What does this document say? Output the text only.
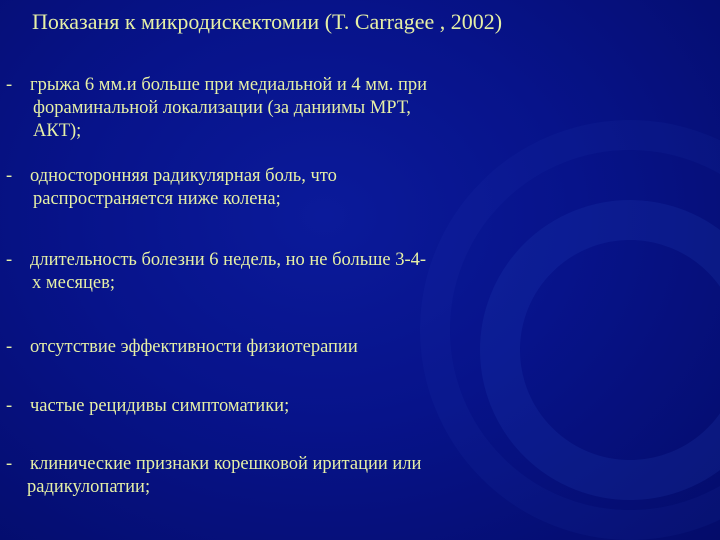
Показаня к микродискектомии (T. Carragee , 2002)
- грыжа 6 мм.и больше при медиальной и 4 мм. при
фораминальной локализации (за даниимы МРТ,
АКТ);
- односторонняя радикулярная боль, что
распространяется ниже колена;
- длительность болезни 6 недель, но не больше 3-4-
х месяцев;
- отсутствие эффективности физиотерапии
- частые рецидивы симптоматики;
- клинические признаки корешковой иритации или
радикулопатии;
